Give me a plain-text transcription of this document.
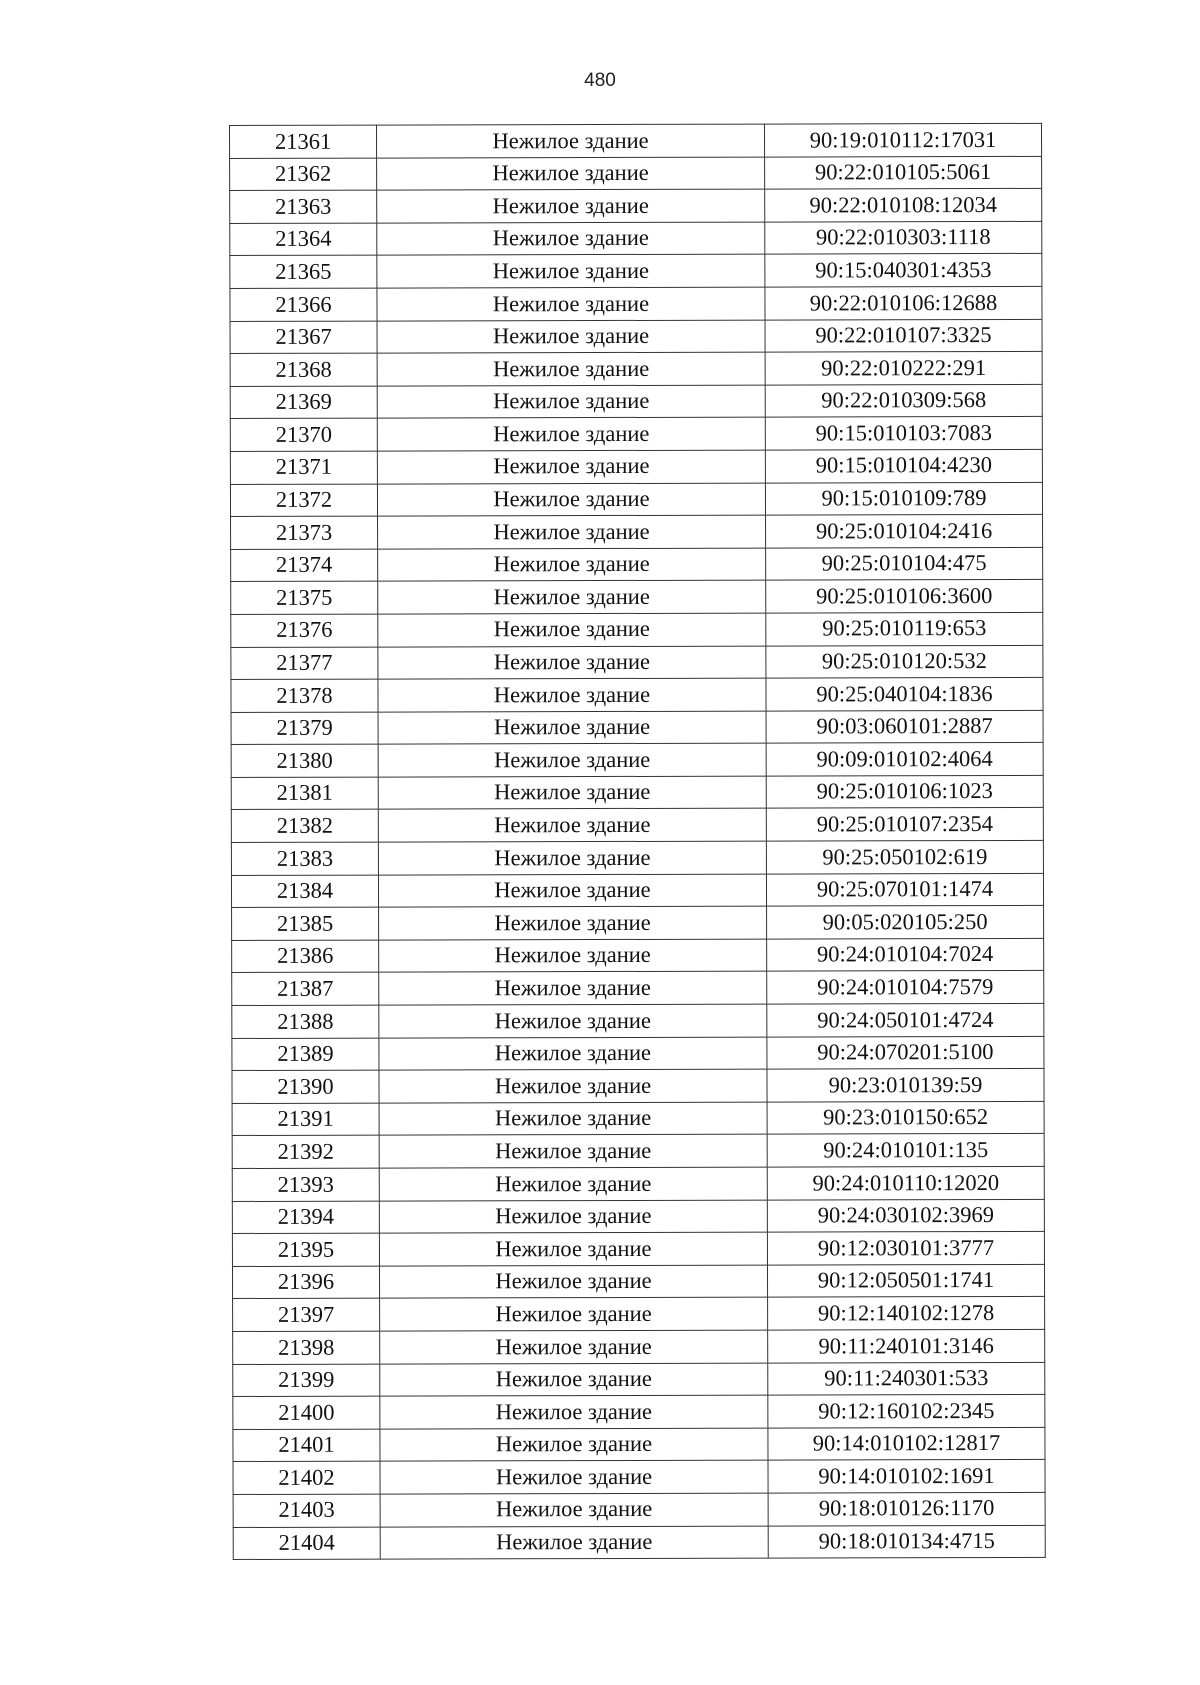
480
21361	Нежилое здание	90:19:010112:17031
21362	Нежилое здание	90:22:010105:5061
21363	Нежилое здание	90:22:010108:12034
21364	Нежилое здание	90:22:010303:1118
21365	Нежилое здание	90:15:040301:4353
21366	Нежилое здание	90:22:010106:12688
21367	Нежилое здание	90:22:010107:3325
21368	Нежилое здание	90:22:010222:291
21369	Нежилое здание	90:22:010309:568
21370	Нежилое здание	90:15:010103:7083
21371	Нежилое здание	90:15:010104:4230
21372	Нежилое здание	90:15:010109:789
21373	Нежилое здание	90:25:010104:2416
21374	Нежилое здание	90:25:010104:475
21375	Нежилое здание	90:25:010106:3600
21376	Нежилое здание	90:25:010119:653
21377	Нежилое здание	90:25:010120:532
21378	Нежилое здание	90:25:040104:1836
21379	Нежилое здание	90:03:060101:2887
21380	Нежилое здание	90:09:010102:4064
21381	Нежилое здание	90:25:010106:1023
21382	Нежилое здание	90:25:010107:2354
21383	Нежилое здание	90:25:050102:619
21384	Нежилое здание	90:25:070101:1474
21385	Нежилое здание	90:05:020105:250
21386	Нежилое здание	90:24:010104:7024
21387	Нежилое здание	90:24:010104:7579
21388	Нежилое здание	90:24:050101:4724
21389	Нежилое здание	90:24:070201:5100
21390	Нежилое здание	90:23:010139:59
21391	Нежилое здание	90:23:010150:652
21392	Нежилое здание	90:24:010101:135
21393	Нежилое здание	90:24:010110:12020
21394	Нежилое здание	90:24:030102:3969
21395	Нежилое здание	90:12:030101:3777
21396	Нежилое здание	90:12:050501:1741
21397	Нежилое здание	90:12:140102:1278
21398	Нежилое здание	90:11:240101:3146
21399	Нежилое здание	90:11:240301:533
21400	Нежилое здание	90:12:160102:2345
21401	Нежилое здание	90:14:010102:12817
21402	Нежилое здание	90:14:010102:1691
21403	Нежилое здание	90:18:010126:1170
21404	Нежилое здание	90:18:010134:4715
